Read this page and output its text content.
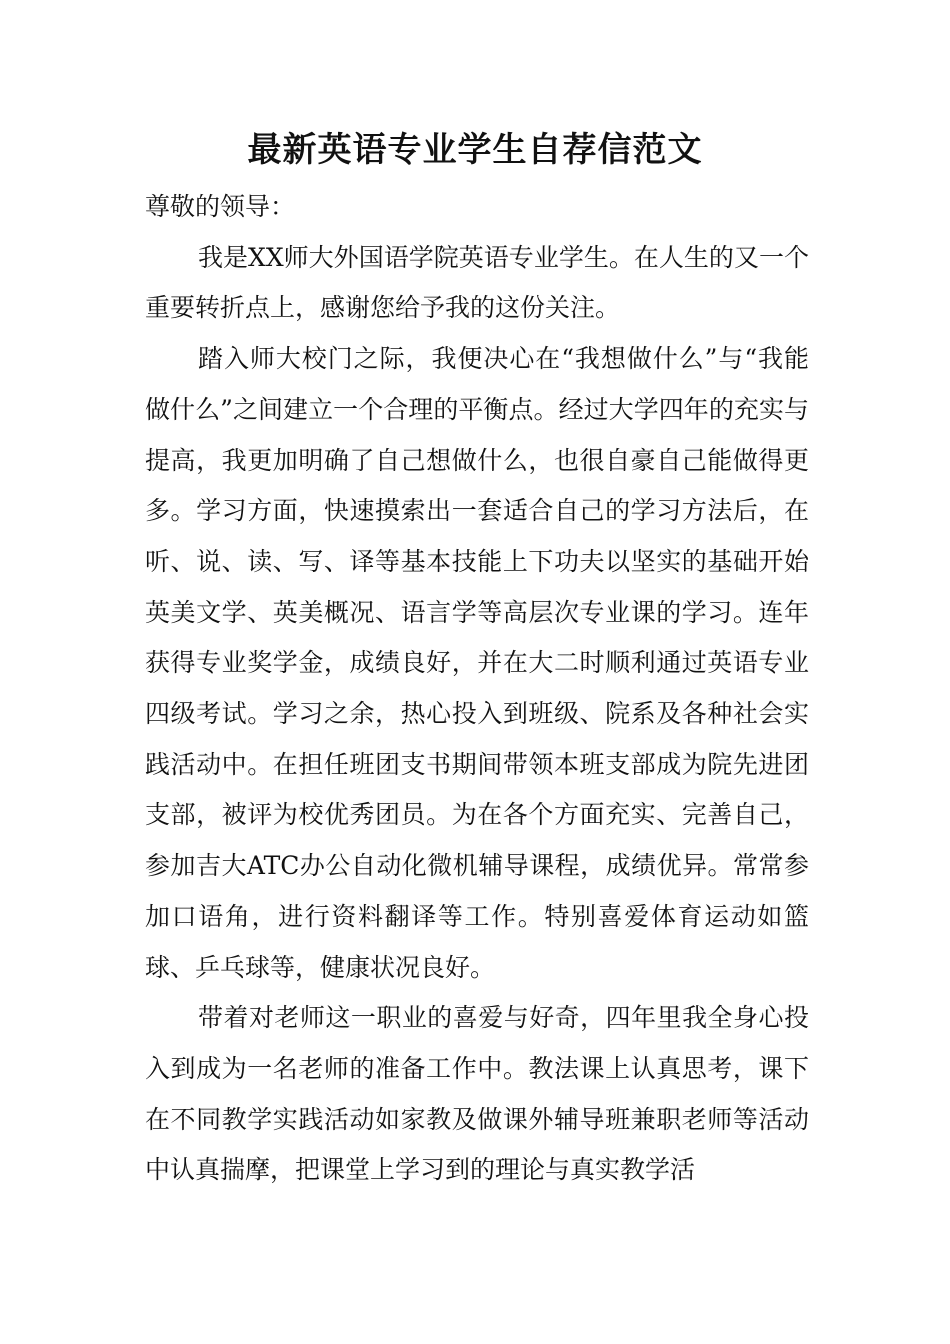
最新英语专业学生自荐信范文

尊敬的领导：

我是XX师大外国语学院英语专业学生。在人生的又一个重要转折点上，感谢您给予我的这份关注。

踏入师大校门之际，我便决心在“我想做什么”与“我能做什么”之间建立一个合理的平衡点。经过大学四年的充实与提高，我更加明确了自己想做什么，也很自豪自己能做得更多。学习方面，快速摸索出一套适合自己的学习方法后，在听、说、读、写、译等基本技能上下功夫以坚实的基础开始英美文学、英美概况、语言学等高层次专业课的学习。连年获得专业奖学金，成绩良好，并在大二时顺利通过英语专业四级考试。学习之余，热心投入到班级、院系及各种社会实践活动中。在担任班团支书期间带领本班支部成为院先进团支部，被评为校优秀团员。为在各个方面充实、完善自己，参加吉大ATC办公自动化微机辅导课程，成绩优异。常常参加口语角，进行资料翻译等工作。特别喜爱体育运动如篮球、乒乓球等，健康状况良好。

带着对老师这一职业的喜爱与好奇，四年里我全身心投入到成为一名老师的准备工作中。教法课上认真思考，课下在不同教学实践活动如家教及做课外辅导班兼职老师等活动中认真揣摩，把课堂上学习到的理论与真实教学活
